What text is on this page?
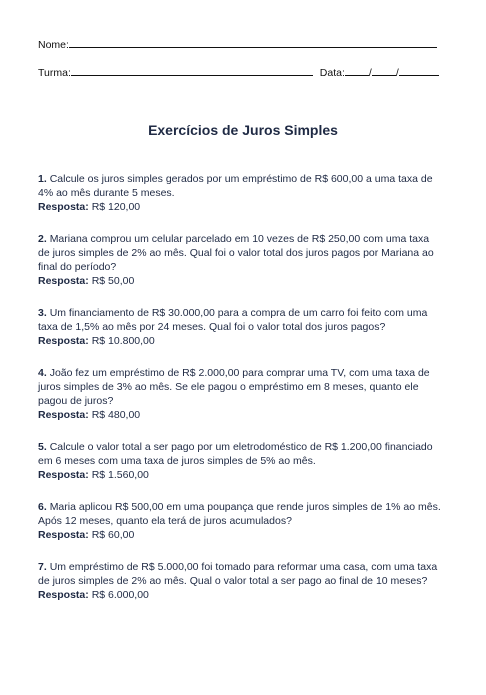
Nome:
Turma:	Data: / /
Exercícios de Juros Simples
1. Calcule os juros simples gerados por um empréstimo de R$ 600,00 a uma taxa de 4% ao mês durante 5 meses.
Resposta: R$ 120,00
2. Mariana comprou um celular parcelado em 10 vezes de R$ 250,00 com uma taxa de juros simples de 2% ao mês. Qual foi o valor total dos juros pagos por Mariana ao final do período?
Resposta: R$ 50,00
3. Um financiamento de R$ 30.000,00 para a compra de um carro foi feito com uma taxa de 1,5% ao mês por 24 meses. Qual foi o valor total dos juros pagos?
Resposta: R$ 10.800,00
4. João fez um empréstimo de R$ 2.000,00 para comprar uma TV, com uma taxa de juros simples de 3% ao mês. Se ele pagou o empréstimo em 8 meses, quanto ele pagou de juros?
Resposta: R$ 480,00
5. Calcule o valor total a ser pago por um eletrodoméstico de R$ 1.200,00 financiado em 6 meses com uma taxa de juros simples de 5% ao mês.
Resposta: R$ 1.560,00
6. Maria aplicou R$ 500,00 em uma poupança que rende juros simples de 1% ao mês. Após 12 meses, quanto ela terá de juros acumulados?
Resposta: R$ 60,00
7. Um empréstimo de R$ 5.000,00 foi tomado para reformar uma casa, com uma taxa de juros simples de 2% ao mês. Qual o valor total a ser pago ao final de 10 meses?
Resposta: R$ 6.000,00
